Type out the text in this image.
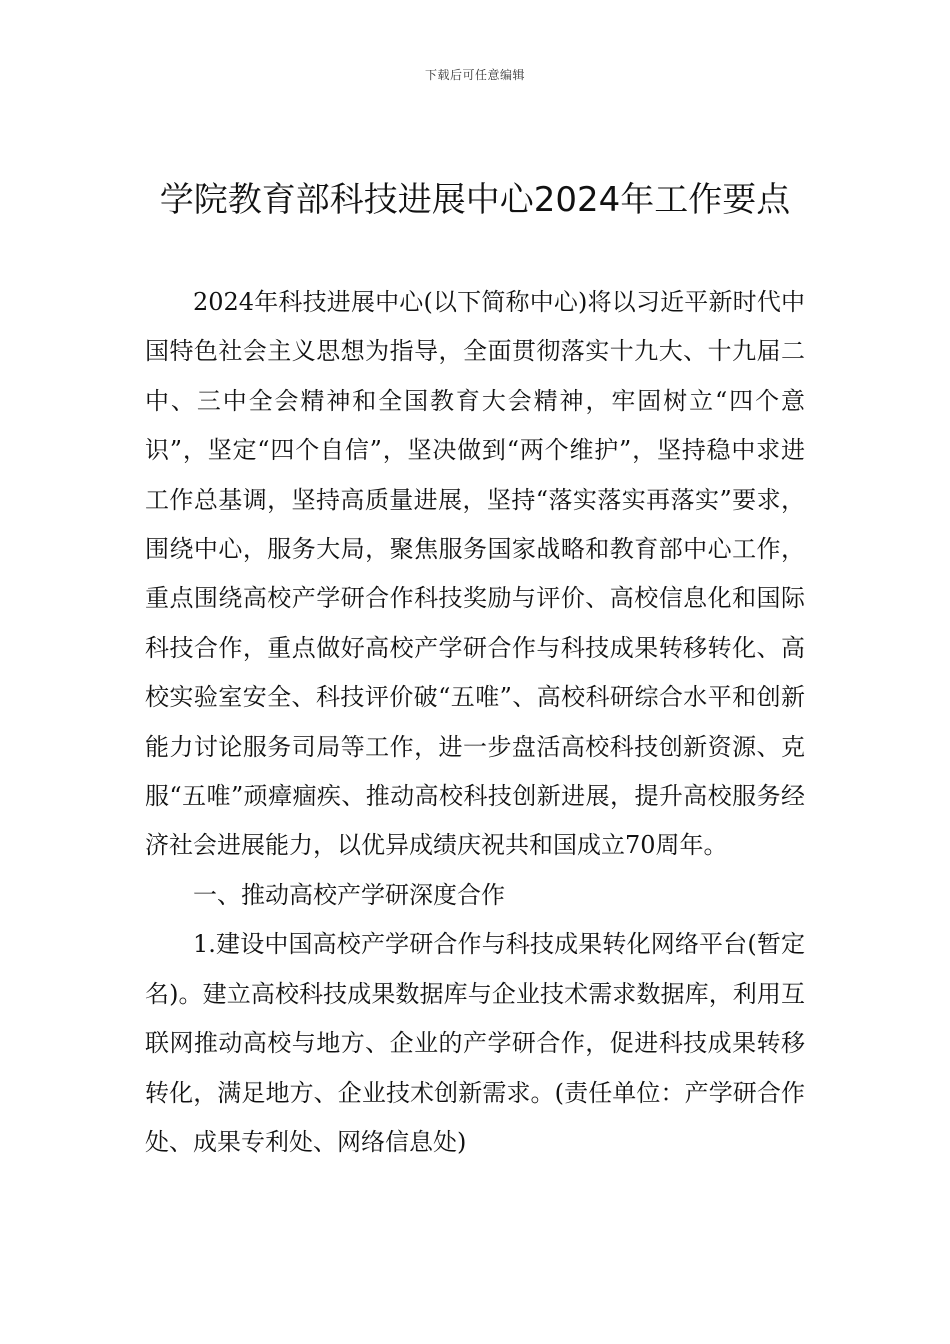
下载后可任意编辑
学院教育部科技进展中心2024年工作要点

2024年科技进展中心(以下简称中心)将以习近平新时代中国特色社会主义思想为指导，全面贯彻落实十九大、十九届二中、三中全会精神和全国教育大会精神，牢固树立“四个意识”，坚定“四个自信”，坚决做到“两个维护”，坚持稳中求进工作总基调，坚持高质量进展，坚持“落实落实再落实”要求，围绕中心，服务大局，聚焦服务国家战略和教育部中心工作，重点围绕高校产学研合作科技奖励与评价、高校信息化和国际科技合作，重点做好高校产学研合作与科技成果转移转化、高校实验室安全、科技评价破“五唯”、高校科研综合水平和创新能力讨论服务司局等工作，进一步盘活高校科技创新资源、克服“五唯”顽瘴痼疾、推动高校科技创新进展，提升高校服务经济社会进展能力，以优异成绩庆祝共和国成立70周年。

一、推动高校产学研深度合作

1.建设中国高校产学研合作与科技成果转化网络平台(暂定名)。建立高校科技成果数据库与企业技术需求数据库，利用互联网推动高校与地方、企业的产学研合作，促进科技成果转移转化，满足地方、企业技术创新需求。(责任单位：产学研合作处、成果专利处、网络信息处)
